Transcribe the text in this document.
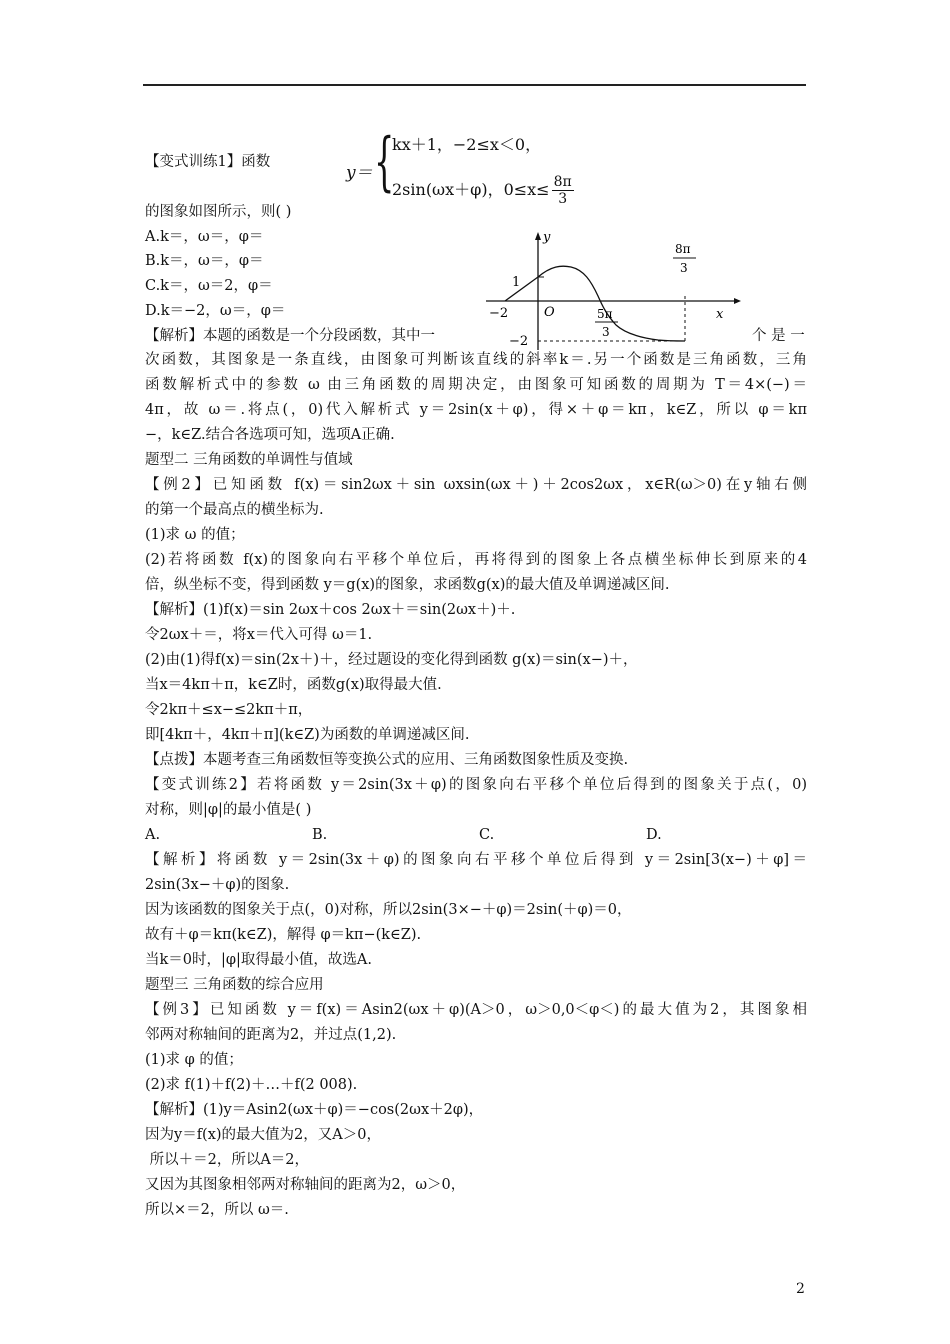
【变式训练1】函数
y＝ {
kx＋1，−2≤x＜0，
2sin(ωx＋φ)，$0\le x\le \frac{8\pi}{3}$
的图象如图所示，则( )
A.k＝，ω＝，φ＝
B.k＝，ω＝，φ＝
C.k＝，ω＝2，φ＝
D.k＝−2，ω＝，φ＝
【解析】本题的函数是一个分段函数，其中一	个 是 一
y
x
O
1
−2
−2
5π
3
8π
3
次函数，其图象是一条直线，由图象可判断该直线的斜率k＝.另一个函数是三角函数，三角
函数解析式中的参数 ω 由三角函数的周期决定，由图象可知函数的周期为 T＝4×(−)＝
4π，故 ω＝.将点(，0)代入解析式 y＝2sin(x＋φ)，得×＋φ＝kπ，k∈Z，所以 φ＝kπ
−，k∈Z.结合各选项可知，选项A正确.
题型二 三角函数的单调性与值域
【例2】已知函数 f(x)＝sin2ωx＋sin ωxsin(ωx＋)＋2cos2ωx，x∈R(ω＞0)在y轴右侧
的第一个最高点的横坐标为.
(1)求 ω 的值；
(2)若将函数 f(x)的图象向右平移个单位后，再将得到的图象上各点横坐标伸长到原来的4
倍，纵坐标不变，得到函数 y＝g(x)的图象，求函数g(x)的最大值及单调递减区间.
【解析】(1)f(x)＝sin 2ωx＋cos 2ωx＋＝sin(2ωx＋)＋.
令2ωx＋＝，将x＝代入可得 ω＝1.
(2)由(1)得f(x)＝sin(2x＋)＋，经过题设的变化得到函数 g(x)＝sin(x−)＋，
当x＝4kπ＋π，k∈Z时，函数g(x)取得最大值.
令2kπ＋≤x−≤2kπ＋π，
即[4kπ＋，4kπ＋π](k∈Z)为函数的单调递减区间.
【点拨】本题考查三角函数恒等变换公式的应用、三角函数图象性质及变换.
【变式训练2】若将函数 y＝2sin(3x＋φ)的图象向右平移个单位后得到的图象关于点(，0)
对称，则|φ|的最小值是( )
A.	B.	C.	D.
【解析】将函数 y＝2sin(3x＋φ)的图象向右平移个单位后得到 y＝2sin[3(x−)＋φ]＝
2sin(3x−＋φ)的图象.
因为该函数的图象关于点(，0)对称，所以2sin(3×−＋φ)＝2sin(＋φ)＝0，
故有＋φ＝kπ(k∈Z)，解得 φ＝kπ−(k∈Z).
当k＝0时，|φ|取得最小值，故选A.
题型三 三角函数的综合应用
【例3】已知函数 y＝f(x)＝Asin2(ωx＋φ)(A＞0，ω＞0,0＜φ＜)的最大值为2，其图象相
邻两对称轴间的距离为2，并过点(1,2).
(1)求 φ 的值；
(2)求 f(1)＋f(2)＋…＋f(2 008).
【解析】(1)y＝Asin2(ωx＋φ)＝−cos(2ωx＋2φ)，
因为y＝f(x)的最大值为2，又A＞0，
所以＋＝2，所以A＝2，
又因为其图象相邻两对称轴间的距离为2，ω＞0，
所以×＝2，所以 ω＝.
2
